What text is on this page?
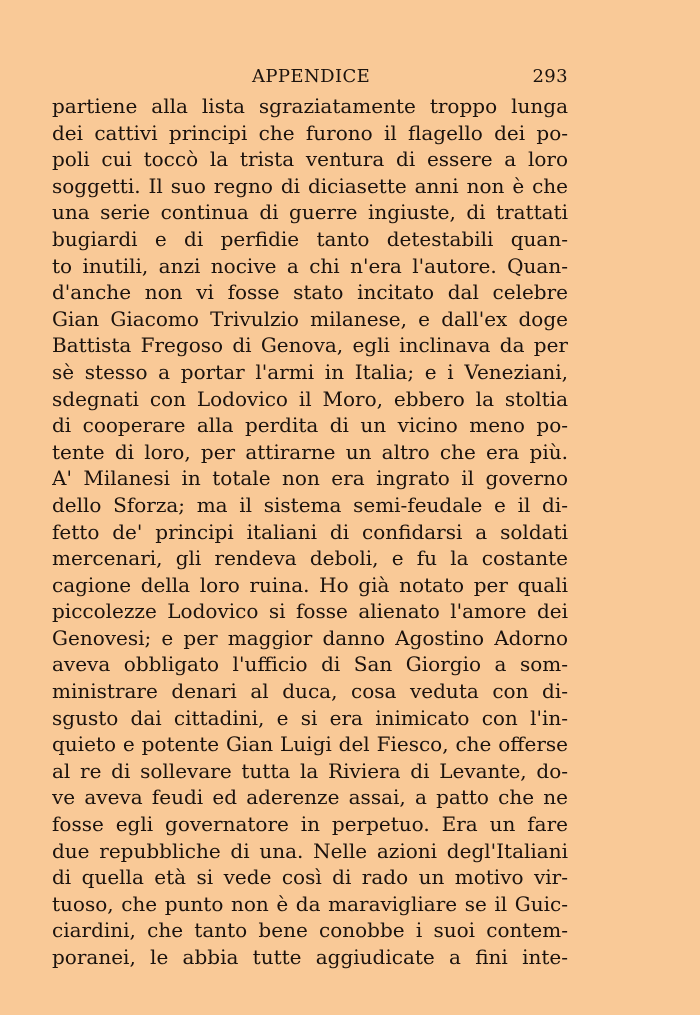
APPENDICE	293
partiene alla lista sgraziatamente troppo lunga
dei cattivi principi che furono il flagello dei po-
poli cui toccò la trista ventura di essere a loro
soggetti. Il suo regno di diciasette anni non è che
una serie continua di guerre ingiuste, di trattati
bugiardi e di perfidie tanto detestabili quan-
to inutili, anzi nocive a chi n'era l'autore. Quan-
d'anche non vi fosse stato incitato dal celebre
Gian Giacomo Trivulzio milanese, e dall'ex doge
Battista Fregoso di Genova, egli inclinava da per
sè stesso a portar l'armi in Italia; e i Veneziani,
sdegnati con Lodovico il Moro, ebbero la stoltia
di cooperare alla perdita di un vicino meno po-
tente di loro, per attirarne un altro che era più.
A' Milanesi in totale non era ingrato il governo
dello Sforza; ma il sistema semi-feudale e il di-
fetto de' principi italiani di confidarsi a soldati
mercenari, gli rendeva deboli, e fu la costante
cagione della loro ruina. Ho già notato per quali
piccolezze Lodovico si fosse alienato l'amore dei
Genovesi; e per maggior danno Agostino Adorno
aveva obbligato l'ufficio di San Giorgio a som-
ministrare denari al duca, cosa veduta con di-
sgusto dai cittadini, e si era inimicato con l'in-
quieto e potente Gian Luigi del Fiesco, che offerse
al re di sollevare tutta la Riviera di Levante, do-
ve aveva feudi ed aderenze assai, a patto che ne
fosse egli governatore in perpetuo. Era un fare
due repubbliche di una. Nelle azioni degl'Italiani
di quella età si vede così di rado un motivo vir-
tuoso, che punto non è da maravigliare se il Guic-
ciardini, che tanto bene conobbe i suoi contem-
poranei, le abbia tutte aggiudicate a fini inte-
